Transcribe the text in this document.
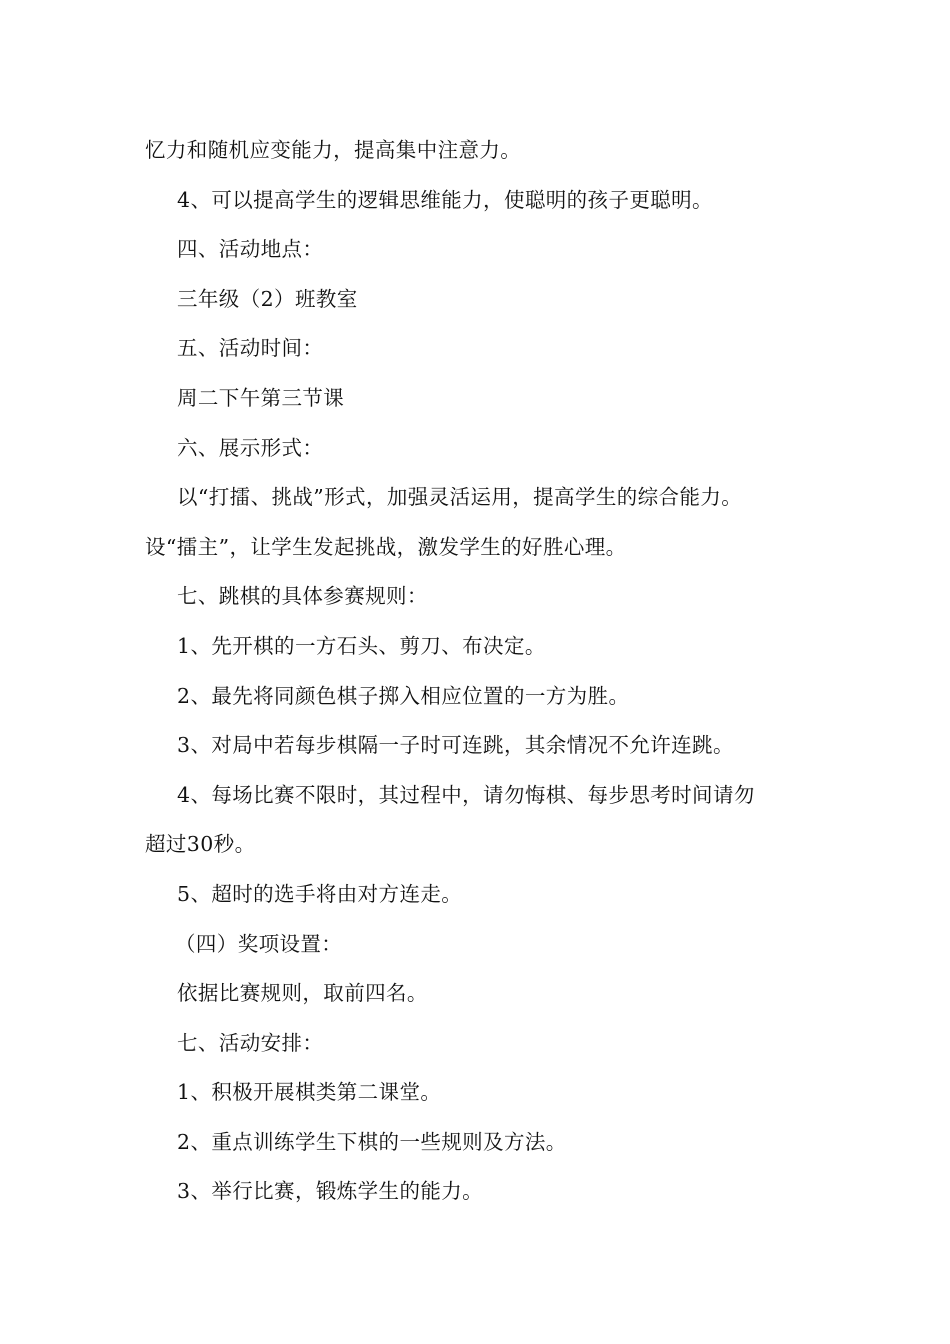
忆力和随机应变能力，提高集中注意力。
4、可以提高学生的逻辑思维能力，使聪明的孩子更聪明。
四、活动地点：
三年级（2）班教室
五、活动时间：
周二下午第三节课
六、展示形式：
以“打擂、挑战”形式，加强灵活运用，提高学生的综合能力。
设“擂主”，让学生发起挑战，激发学生的好胜心理。
七、跳棋的具体参赛规则：
1、先开棋的一方石头、剪刀、布决定。
2、最先将同颜色棋子掷入相应位置的一方为胜。
3、对局中若每步棋隔一子时可连跳，其余情况不允许连跳。
4、每场比赛不限时，其过程中，请勿悔棋、每步思考时间请勿
超过30秒。
5、超时的选手将由对方连走。
（四）奖项设置：
依据比赛规则，取前四名。
七、活动安排：
1、积极开展棋类第二课堂。
2、重点训练学生下棋的一些规则及方法。
3、举行比赛，锻炼学生的能力。
